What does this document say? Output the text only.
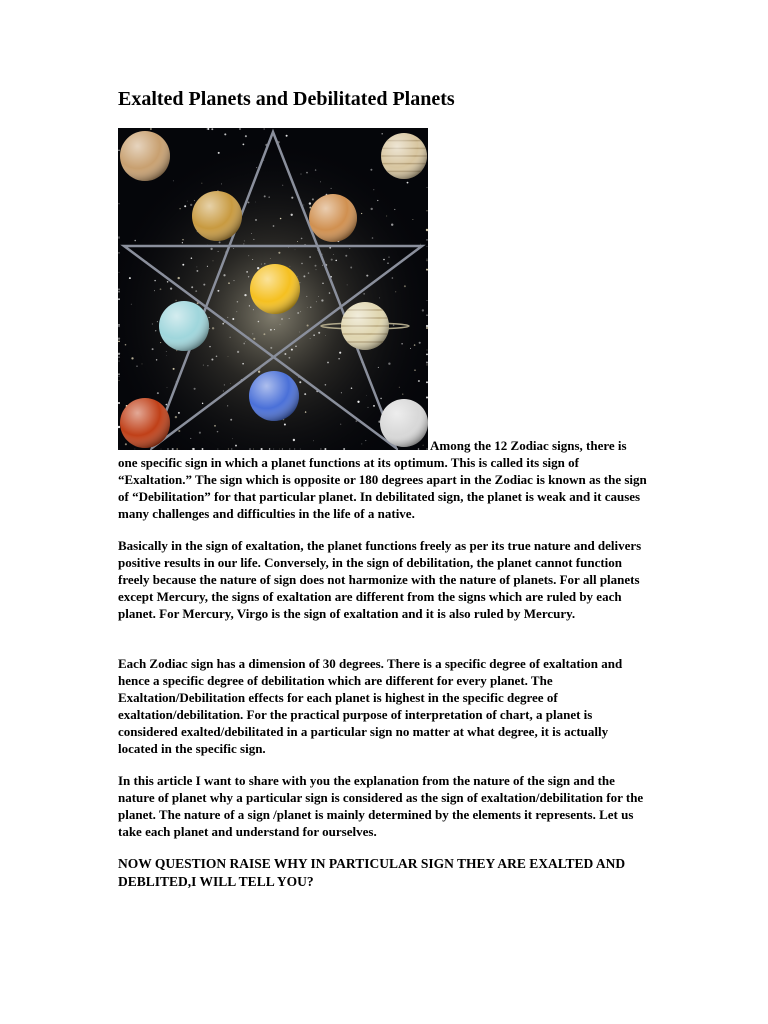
Exalted Planets and Debilitated Planets

Among the 12 Zodiac signs, there is
one specific sign in which a planet functions at its optimum. This is called its sign of “Exaltation.” The sign which is opposite or 180 degrees apart in the Zodiac is known as the sign of “Debilitation” for that particular planet. In debilitated sign, the planet is weak and it causes many challenges and difficulties in the life of a native.

Basically in the sign of exaltation, the planet functions freely as per its true nature and delivers positive results in our life. Conversely, in the sign of debilitation, the planet cannot function freely because the nature of sign does not harmonize with the nature of planets. For all planets except Mercury, the signs of exaltation are different from the signs which are ruled by each planet. For Mercury, Virgo is the sign of exaltation and it is also ruled by Mercury.

Each Zodiac sign has a dimension of 30 degrees. There is a specific degree of exaltation and hence a specific degree of debilitation which are different for every planet. The Exaltation/Debilitation effects for each planet is highest in the specific degree of exaltation/debilitation. For the practical purpose of interpretation of chart, a planet is considered exalted/debilitated in a particular sign no matter at what degree, it is actually located in the specific sign.

In this article I want to share with you the explanation from the nature of the sign and the nature of planet why a particular sign is considered as the sign of exaltation/debilitation for the planet. The nature of a sign /planet is mainly determined by the elements it represents. Let us take each planet and understand for ourselves.

NOW QUESTION RAISE WHY IN PARTICULAR SIGN THEY ARE EXALTED AND DEBLITED,I WILL TELL YOU?
